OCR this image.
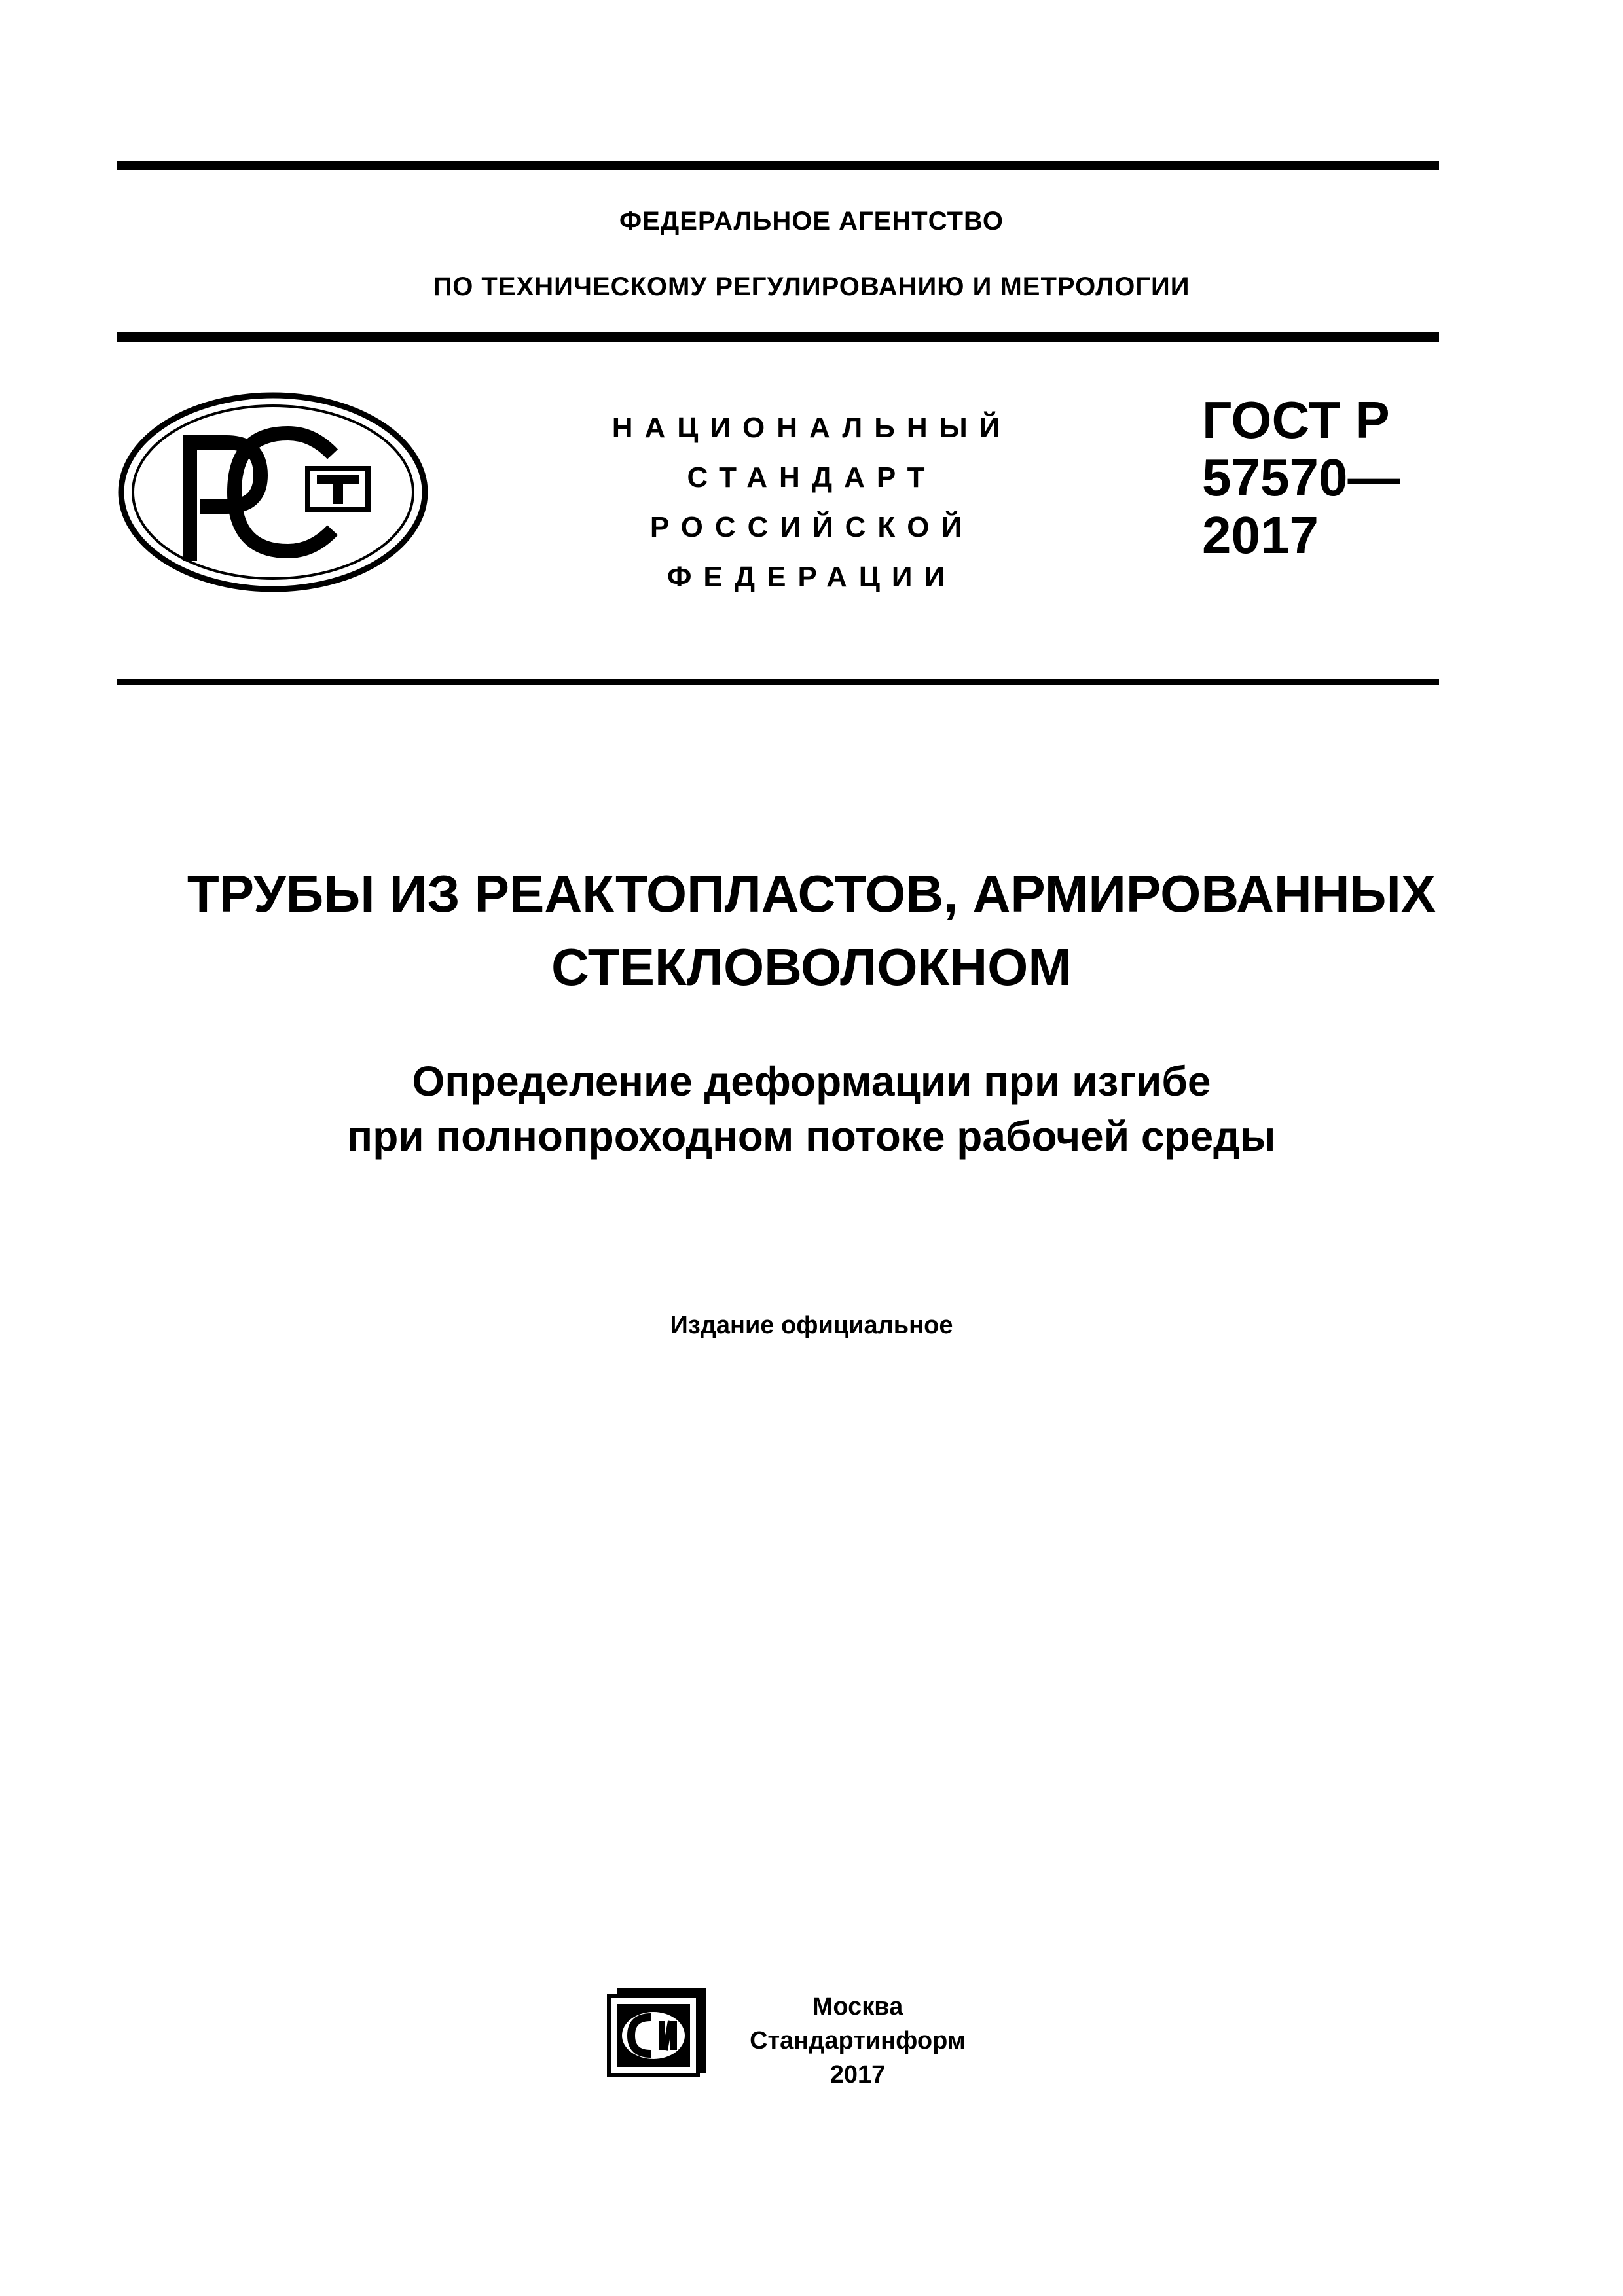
ФЕДЕРАЛЬНОЕ АГЕНТСТВО
ПО ТЕХНИЧЕСКОМУ РЕГУЛИРОВАНИЮ И МЕТРОЛОГИИ
НАЦИОНАЛЬНЫЙ
СТАНДАРТ
РОССИЙСКОЙ
ФЕДЕРАЦИИ
ГОСТ Р
57570—
2017
ТРУБЫ ИЗ РЕАКТОПЛАСТОВ, АРМИРОВАННЫХ
СТЕКЛОВОЛОКНОМ
Определение деформации при изгибе
при полнопроходном потоке рабочей среды
Издание официальное
Москва
Стандартинформ
2017
